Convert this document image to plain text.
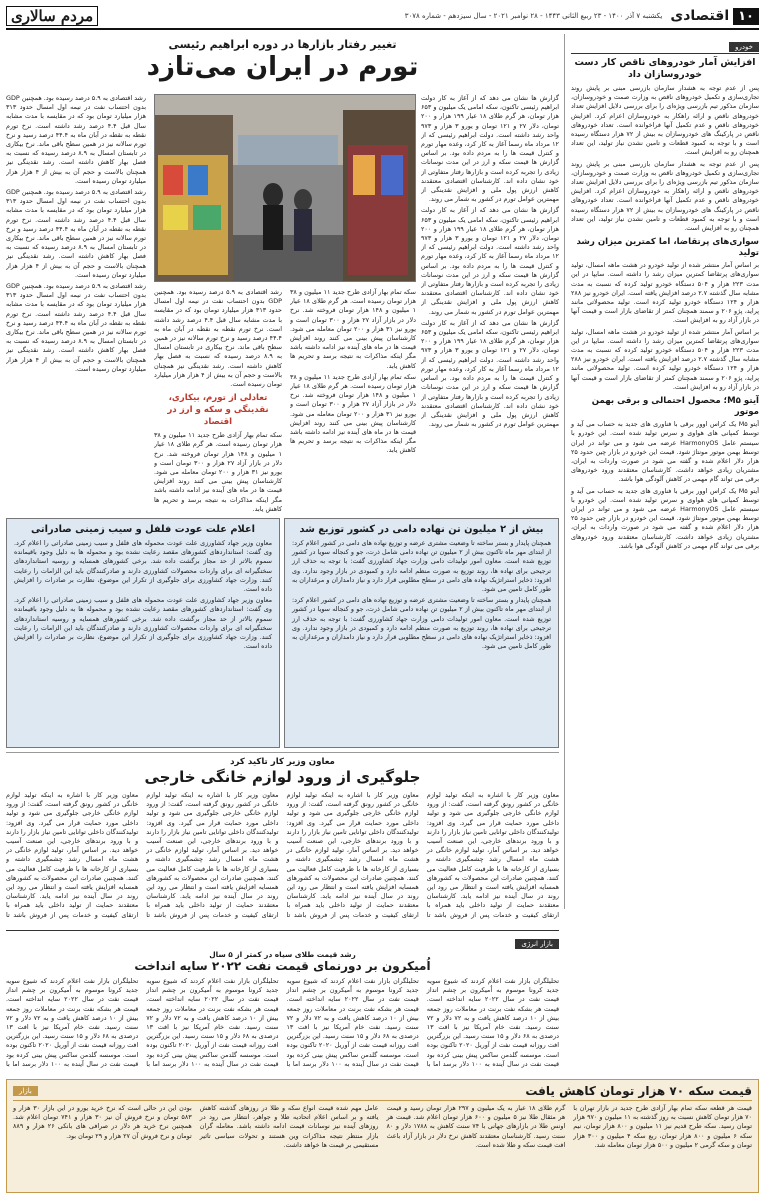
۱۰
اقتصادی
یکشنبه ۷ آذر ۱۴۰۰ - ۲۳ ربیع الثانی ۱۴۴۳ - ۲۸ نوامبر ۲۰۲۱ - سال سیزدهم - شماره ۳۰۷۸
مردم سالاری
خودرو
افزایش آمار خودروهای ناقص کار دست خودروسازان داد
پس از عدم توجه به هشدار سازمان بازرسی مبنی بر پایش روند تجاری‌سازی و تکمیل خودروهای ناقص به وزارت صمت و خودروسازان، سازمان مذکور تیم بازرسی ویژه‌ای را برای بررسی دلایل افزایش تعداد خودروهای ناقص و ارائه راهکار به خودروسازان اعزام کرد. افزایش خودروهای ناقص و عدم تکمیل آنها فراخوانده است. تعداد خودروهای ناقص در پارکینگ های خودروسازان به بیش از ۷۲ هزار دستگاه رسیده است و با توجه به کمبود قطعات و تامین نشدن نیاز تولید، این تعداد همچنان رو به افزایش است.
پس از عدم توجه به هشدار سازمان بازرسی مبنی بر پایش روند تجاری‌سازی و تکمیل خودروهای ناقص به وزارت صمت و خودروسازان، سازمان مذکور تیم بازرسی ویژه‌ای را برای بررسی دلایل افزایش تعداد خودروهای ناقص و ارائه راهکار به خودروسازان اعزام کرد. افزایش خودروهای ناقص و عدم تکمیل آنها فراخوانده است. تعداد خودروهای ناقص در پارکینگ های خودروسازان به بیش از ۷۲ هزار دستگاه رسیده است و با توجه به کمبود قطعات و تامین نشدن نیاز تولید، این تعداد همچنان رو به افزایش است.
سواری‌های پرتقاضا، اما کمترین میزان رشد تولید
بر اساس آمار منتشر شده از تولید خودرو در هشت ماهه امسال، تولید سواری‌های پرتقاضا کمترین میزان رشد را داشته است. سایپا در این مدت ۲۲۳ هزار و ۵۰۴ دستگاه خودرو تولید کرده که نسبت به مدت مشابه سال گذشته ۲.۷ درصد افزایش یافته است. ایران خودرو نیز ۲۸۸ هزار و ۱۲۴ دستگاه خودرو تولید کرده است. تولید محصولاتی مانند پراید، پژو ۲۰۶ و سمند همچنان کمتر از تقاضای بازار است و قیمت آنها در بازار آزاد رو به افزایش است.
بر اساس آمار منتشر شده از تولید خودرو در هشت ماهه امسال، تولید سواری‌های پرتقاضا کمترین میزان رشد را داشته است. سایپا در این مدت ۲۲۳ هزار و ۵۰۴ دستگاه خودرو تولید کرده که نسبت به مدت مشابه سال گذشته ۲.۷ درصد افزایش یافته است. ایران خودرو نیز ۲۸۸ هزار و ۱۲۴ دستگاه خودرو تولید کرده است. تولید محصولاتی مانند پراید، پژو ۲۰۶ و سمند همچنان کمتر از تقاضای بازار است و قیمت آنها در بازار آزاد رو به افزایش است.
آیتو M۵؛ محصول احتمالی و برقی بهمن موتور
آیتو M۵ یک کراس اوور برقی با فناوری های جدید به حساب می آید و توسط کمپانی های هواوی و سرس تولید شده است. این خودرو با سیستم عامل HarmonyOS عرضه می شود و می تواند در ایران توسط بهمن موتور مونتاژ شود. قیمت این خودرو در بازار چین حدود ۲۵ هزار دلار اعلام شده و گفته می شود در صورت واردات به ایران، مشتریان زیادی خواهد داشت. کارشناسان معتقدند ورود خودروهای برقی می تواند گام مهمی در کاهش آلودگی هوا باشد.
آیتو M۵ یک کراس اوور برقی با فناوری های جدید به حساب می آید و توسط کمپانی های هواوی و سرس تولید شده است. این خودرو با سیستم عامل HarmonyOS عرضه می شود و می تواند در ایران توسط بهمن موتور مونتاژ شود. قیمت این خودرو در بازار چین حدود ۲۵ هزار دلار اعلام شده و گفته می شود در صورت واردات به ایران، مشتریان زیادی خواهد داشت. کارشناسان معتقدند ورود خودروهای برقی می تواند گام مهمی در کاهش آلودگی هوا باشد.
تغییر رفتار بازارها در دوره ابراهیم رئیسی
تورم در ایران می‌تازد

گزارش ها نشان می دهد که از آغاز به کار دولت ابراهیم رئیسی تاکنون، سکه امامی یک میلیون و ۶۵۳ هزار تومان، هر گرم طلای ۱۸ عیار ۱۹۹ هزار و ۲۰۰ تومان، دلار ۲۷ و ۱۲۱ تومان و یورو ۳ هزار و ۹۷۳ واحد رشد داشته است. دولت ابراهیم رئیسی که از ۱۲ مرداد ماه رسما آغاز به کار کرد، وعده مهار تورم و کنترل قیمت ها را به مردم داده بود. بر اساس گزارش ها قیمت سکه و ارز در این مدت نوسانات زیادی را تجربه کرده است و بازارها رفتار متفاوتی از خود نشان داده اند. کارشناسان اقتصادی معتقدند کاهش ارزش پول ملی و افزایش نقدینگی از مهمترین عوامل تورم در کشور به شمار می روند.

گزارش ها نشان می دهد که از آغاز به کار دولت ابراهیم رئیسی تاکنون، سکه امامی یک میلیون و ۶۵۳ هزار تومان، هر گرم طلای ۱۸ عیار ۱۹۹ هزار و ۲۰۰ تومان، دلار ۲۷ و ۱۲۱ تومان و یورو ۳ هزار و ۹۷۳ واحد رشد داشته است. دولت ابراهیم رئیسی که از ۱۲ مرداد ماه رسما آغاز به کار کرد، وعده مهار تورم و کنترل قیمت ها را به مردم داده بود. بر اساس گزارش ها قیمت سکه و ارز در این مدت نوسانات زیادی را تجربه کرده است و بازارها رفتار متفاوتی از خود نشان داده اند. کارشناسان اقتصادی معتقدند کاهش ارزش پول ملی و افزایش نقدینگی از مهمترین عوامل تورم در کشور به شمار می روند.

گزارش ها نشان می دهد که از آغاز به کار دولت ابراهیم رئیسی تاکنون، سکه امامی یک میلیون و ۶۵۳ هزار تومان، هر گرم طلای ۱۸ عیار ۱۹۹ هزار و ۲۰۰ تومان، دلار ۲۷ و ۱۲۱ تومان و یورو ۳ هزار و ۹۷۳ واحد رشد داشته است. دولت ابراهیم رئیسی که از ۱۲ مرداد ماه رسما آغاز به کار کرد، وعده مهار تورم و کنترل قیمت ها را به مردم داده بود. بر اساس گزارش ها قیمت سکه و ارز در این مدت نوسانات زیادی را تجربه کرده است و بازارها رفتار متفاوتی از خود نشان داده اند. کارشناسان اقتصادی معتقدند کاهش ارزش پول ملی و افزایش نقدینگی از مهمترین عوامل تورم در کشور به شمار می روند.

رشد اقتصادی به ۵.۹ درصد رسیده بود. همچنین GDP بدون احتساب نفت در نیمه اول امسال حدود ۳۱۳ هزار میلیارد تومان بود که در مقایسه با مدت مشابه سال قبل ۴.۴ درصد رشد داشته است. نرخ تورم نقطه به نقطه در آبان ماه به ۴۴.۴ درصد رسید و نرخ تورم سالانه نیز در همین سطح باقی ماند. نرخ بیکاری در تابستان امسال به ۸.۹ درصد رسیده که نسبت به فصل بهار کاهش داشته است. رشد نقدینگی نیز همچنان بالاست و حجم آن به بیش از ۴ هزار هزار میلیارد تومان رسیده است.

رشد اقتصادی به ۵.۹ درصد رسیده بود. همچنین GDP بدون احتساب نفت در نیمه اول امسال حدود ۳۱۳ هزار میلیارد تومان بود که در مقایسه با مدت مشابه سال قبل ۴.۴ درصد رشد داشته است. نرخ تورم نقطه به نقطه در آبان ماه به ۴۴.۴ درصد رسید و نرخ تورم سالانه نیز در همین سطح باقی ماند. نرخ بیکاری در تابستان امسال به ۸.۹ درصد رسیده که نسبت به فصل بهار کاهش داشته است. رشد نقدینگی نیز همچنان بالاست و حجم آن به بیش از ۴ هزار هزار میلیارد تومان رسیده است.

رشد اقتصادی به ۵.۹ درصد رسیده بود. همچنین GDP بدون احتساب نفت در نیمه اول امسال حدود ۳۱۳ هزار میلیارد تومان بود که در مقایسه با مدت مشابه سال قبل ۴.۴ درصد رشد داشته است. نرخ تورم نقطه به نقطه در آبان ماه به ۴۴.۴ درصد رسید و نرخ تورم سالانه نیز در همین سطح باقی ماند. نرخ بیکاری در تابستان امسال به ۸.۹ درصد رسیده که نسبت به فصل بهار کاهش داشته است. رشد نقدینگی نیز همچنان بالاست و حجم آن به بیش از ۴ هزار هزار میلیارد تومان رسیده است.

سکه تمام بهار آزادی طرح جدید ۱۱ میلیون و ۳۸ هزار تومان رسیده است. هر گرم طلای ۱۸ عیار ۱ میلیون و ۱۴۸ هزار تومان فروخته شد. نرخ دلار در بازار آزاد ۲۷ هزار و ۳۰۰ تومان است و یورو نیز ۳۱ هزار و ۲۰۰ تومان معامله می شود. کارشناسان پیش بینی می کنند روند افزایش قیمت ها در ماه های آینده نیز ادامه داشته باشد مگر اینکه مذاکرات به نتیجه برسد و تحریم ها کاهش یابد.

سکه تمام بهار آزادی طرح جدید ۱۱ میلیون و ۳۸ هزار تومان رسیده است. هر گرم طلای ۱۸ عیار ۱ میلیون و ۱۴۸ هزار تومان فروخته شد. نرخ دلار در بازار آزاد ۲۷ هزار و ۳۰۰ تومان است و یورو نیز ۳۱ هزار و ۲۰۰ تومان معامله می شود. کارشناسان پیش بینی می کنند روند افزایش قیمت ها در ماه های آینده نیز ادامه داشته باشد مگر اینکه مذاکرات به نتیجه برسد و تحریم ها کاهش یابد.

رشد اقتصادی به ۵.۹ درصد رسیده بود. همچنین GDP بدون احتساب نفت در نیمه اول امسال حدود ۳۱۳ هزار میلیارد تومان بود که در مقایسه با مدت مشابه سال قبل ۴.۴ درصد رشد داشته است. نرخ تورم نقطه به نقطه در آبان ماه به ۴۴.۴ درصد رسید و نرخ تورم سالانه نیز در همین سطح باقی ماند. نرخ بیکاری در تابستان امسال به ۸.۹ درصد رسیده که نسبت به فصل بهار کاهش داشته است. رشد نقدینگی نیز همچنان بالاست و حجم آن به بیش از ۴ هزار هزار میلیارد تومان رسیده است.

تعادلی از تورم، بیکاری، نقدینگی و سکه و ارز در اقتصاد

سکه تمام بهار آزادی طرح جدید ۱۱ میلیون و ۳۸ هزار تومان رسیده است. هر گرم طلای ۱۸ عیار ۱ میلیون و ۱۴۸ هزار تومان فروخته شد. نرخ دلار در بازار آزاد ۲۷ هزار و ۳۰۰ تومان است و یورو نیز ۳۱ هزار و ۲۰۰ تومان معامله می شود. کارشناسان پیش بینی می کنند روند افزایش قیمت ها در ماه های آینده نیز ادامه داشته باشد مگر اینکه مذاکرات به نتیجه برسد و تحریم ها کاهش یابد.

بیش از ۲ میلیون تن نهاده دامی در کشور توزیع شد
همچنان پایدار و بستر ساخته تا وضعیت مشتری عرضه و توزیع نهاده های دامی در کشور اعلام کرد: از ابتدای مهر ماه تاکنون بیش از ۲ میلیون تن نهاده دامی شامل ذرت، جو و کنجاله سویا در کشور توزیع شده است. معاون امور تولیدات دامی وزارت جهاد کشاورزی گفت: با توجه به حذف ارز ترجیحی برای نهاده ها، روند توزیع به صورت منظم ادامه دارد و کمبودی در بازار وجود ندارد. وی افزود: ذخایر استراتژیک نهاده های دامی در سطح مطلوبی قرار دارد و نیاز دامداران و مرغداران به طور کامل تامین می شود.
همچنان پایدار و بستر ساخته تا وضعیت مشتری عرضه و توزیع نهاده های دامی در کشور اعلام کرد: از ابتدای مهر ماه تاکنون بیش از ۲ میلیون تن نهاده دامی شامل ذرت، جو و کنجاله سویا در کشور توزیع شده است. معاون امور تولیدات دامی وزارت جهاد کشاورزی گفت: با توجه به حذف ارز ترجیحی برای نهاده ها، روند توزیع به صورت منظم ادامه دارد و کمبودی در بازار وجود ندارد. وی افزود: ذخایر استراتژیک نهاده های دامی در سطح مطلوبی قرار دارد و نیاز دامداران و مرغداران به طور کامل تامین می شود.
اعلام علت عودت فلفل و سیب زمینی صادراتی
معاون وزیر جهاد کشاورزی علت عودت محموله های فلفل و سیب زمینی صادراتی را اعلام کرد. وی گفت: استانداردهای کشورهای مقصد رعایت نشده بود و محموله ها به دلیل وجود باقیمانده سموم بالاتر از حد مجاز برگشت داده شد. برخی کشورهای همسایه و روسیه استانداردهای سختگیرانه ای برای واردات محصولات کشاورزی دارند و صادرکنندگان باید این الزامات را رعایت کنند. وزارت جهاد کشاورزی برای جلوگیری از تکرار این موضوع، نظارت بر صادرات را افزایش داده است.
معاون وزیر جهاد کشاورزی علت عودت محموله های فلفل و سیب زمینی صادراتی را اعلام کرد. وی گفت: استانداردهای کشورهای مقصد رعایت نشده بود و محموله ها به دلیل وجود باقیمانده سموم بالاتر از حد مجاز برگشت داده شد. برخی کشورهای همسایه و روسیه استانداردهای سختگیرانه ای برای واردات محصولات کشاورزی دارند و صادرکنندگان باید این الزامات را رعایت کنند. وزارت جهاد کشاورزی برای جلوگیری از تکرار این موضوع، نظارت بر صادرات را افزایش داده است.
معاون وزیر کار تاکید کرد
جلوگیری از ورود لوازم خانگی خارجی
معاون وزیر کار با اشاره به اینکه تولید لوازم خانگی در کشور رونق گرفته است، گفت: از ورود لوازم خانگی خارجی جلوگیری می شود و تولید داخلی مورد حمایت قرار می گیرد. وی افزود: تولیدکنندگان داخلی توانایی تامین نیاز بازار را دارند و با ورود برندهای خارجی، این صنعت آسیب خواهد دید. بر اساس آمار، تولید لوازم خانگی در هشت ماه امسال رشد چشمگیری داشته و بسیاری از کارخانه ها با ظرفیت کامل فعالیت می کنند. همچنین صادرات این محصولات به کشورهای همسایه افزایش یافته است و انتظار می رود این روند در سال آینده نیز ادامه یابد. کارشناسان معتقدند حمایت از تولید داخلی باید همراه با ارتقای کیفیت و خدمات پس از فروش باشد تا
معاون وزیر کار با اشاره به اینکه تولید لوازم خانگی در کشور رونق گرفته است، گفت: از ورود لوازم خانگی خارجی جلوگیری می شود و تولید داخلی مورد حمایت قرار می گیرد. وی افزود: تولیدکنندگان داخلی توانایی تامین نیاز بازار را دارند و با ورود برندهای خارجی، این صنعت آسیب خواهد دید. بر اساس آمار، تولید لوازم خانگی در هشت ماه امسال رشد چشمگیری داشته و بسیاری از کارخانه ها با ظرفیت کامل فعالیت می کنند. همچنین صادرات این محصولات به کشورهای همسایه افزایش یافته است و انتظار می رود این روند در سال آینده نیز ادامه یابد. کارشناسان معتقدند حمایت از تولید داخلی باید همراه با ارتقای کیفیت و خدمات پس از فروش باشد تا
معاون وزیر کار با اشاره به اینکه تولید لوازم خانگی در کشور رونق گرفته است، گفت: از ورود لوازم خانگی خارجی جلوگیری می شود و تولید داخلی مورد حمایت قرار می گیرد. وی افزود: تولیدکنندگان داخلی توانایی تامین نیاز بازار را دارند و با ورود برندهای خارجی، این صنعت آسیب خواهد دید. بر اساس آمار، تولید لوازم خانگی در هشت ماه امسال رشد چشمگیری داشته و بسیاری از کارخانه ها با ظرفیت کامل فعالیت می کنند. همچنین صادرات این محصولات به کشورهای همسایه افزایش یافته است و انتظار می رود این روند در سال آینده نیز ادامه یابد. کارشناسان معتقدند حمایت از تولید داخلی باید همراه با ارتقای کیفیت و خدمات پس از فروش باشد تا
معاون وزیر کار با اشاره به اینکه تولید لوازم خانگی در کشور رونق گرفته است، گفت: از ورود لوازم خانگی خارجی جلوگیری می شود و تولید داخلی مورد حمایت قرار می گیرد. وی افزود: تولیدکنندگان داخلی توانایی تامین نیاز بازار را دارند و با ورود برندهای خارجی، این صنعت آسیب خواهد دید. بر اساس آمار، تولید لوازم خانگی در هشت ماه امسال رشد چشمگیری داشته و بسیاری از کارخانه ها با ظرفیت کامل فعالیت می کنند. همچنین صادرات این محصولات به کشورهای همسایه افزایش یافته است و انتظار می رود این روند در سال آینده نیز ادامه یابد. کارشناسان معتقدند حمایت از تولید داخلی باید همراه با ارتقای کیفیت و خدمات پس از فروش باشد تا
بازار انرژی
رشد قیمت طلای سیاه در کمتر از ۵ سال
اُمیکرون بر دورنمای قیمت نفت ۲۰۲۲ سایه انداخت
تحلیلگران بازار نفت اعلام کردند که شیوع سویه جدید کرونا موسوم به اُمیکرون بر چشم انداز قیمت نفت در سال ۲۰۲۲ سایه انداخته است. قیمت هر بشکه نفت برنت در معاملات روز جمعه بیش از ۱۰ درصد کاهش یافت و به ۷۲ دلار و ۷۲ سنت رسید. نفت خام آمریکا نیز با افت ۱۳ درصدی به ۶۸ دلار و ۱۵ سنت رسید. این بزرگترین افت روزانه قیمت نفت از آوریل ۲۰۲۰ تاکنون بوده است. موسسه گلدمن ساکس پیش بینی کرده بود قیمت نفت در سال آینده به ۱۰۰ دلار برسد اما با
تحلیلگران بازار نفت اعلام کردند که شیوع سویه جدید کرونا موسوم به اُمیکرون بر چشم انداز قیمت نفت در سال ۲۰۲۲ سایه انداخته است. قیمت هر بشکه نفت برنت در معاملات روز جمعه بیش از ۱۰ درصد کاهش یافت و به ۷۲ دلار و ۷۲ سنت رسید. نفت خام آمریکا نیز با افت ۱۳ درصدی به ۶۸ دلار و ۱۵ سنت رسید. این بزرگترین افت روزانه قیمت نفت از آوریل ۲۰۲۰ تاکنون بوده است. موسسه گلدمن ساکس پیش بینی کرده بود قیمت نفت در سال آینده به ۱۰۰ دلار برسد اما با
تحلیلگران بازار نفت اعلام کردند که شیوع سویه جدید کرونا موسوم به اُمیکرون بر چشم انداز قیمت نفت در سال ۲۰۲۲ سایه انداخته است. قیمت هر بشکه نفت برنت در معاملات روز جمعه بیش از ۱۰ درصد کاهش یافت و به ۷۲ دلار و ۷۲ سنت رسید. نفت خام آمریکا نیز با افت ۱۳ درصدی به ۶۸ دلار و ۱۵ سنت رسید. این بزرگترین افت روزانه قیمت نفت از آوریل ۲۰۲۰ تاکنون بوده است. موسسه گلدمن ساکس پیش بینی کرده بود قیمت نفت در سال آینده به ۱۰۰ دلار برسد اما با
تحلیلگران بازار نفت اعلام کردند که شیوع سویه جدید کرونا موسوم به اُمیکرون بر چشم انداز قیمت نفت در سال ۲۰۲۲ سایه انداخته است. قیمت هر بشکه نفت برنت در معاملات روز جمعه بیش از ۱۰ درصد کاهش یافت و به ۷۲ دلار و ۷۲ سنت رسید. نفت خام آمریکا نیز با افت ۱۳ درصدی به ۶۸ دلار و ۱۵ سنت رسید. این بزرگترین افت روزانه قیمت نفت از آوریل ۲۰۲۰ تاکنون بوده است. موسسه گلدمن ساکس پیش بینی کرده بود قیمت نفت در سال آینده به ۱۰۰ دلار برسد اما با
قیمت سکه ۷۰ هزار تومان کاهش یافت
بازار
قیمت هر قطعه سکه تمام بهار آزادی طرح جدید در بازار تهران با ۷۰ هزار تومان کاهش نسبت به روز گذشته به ۱۱ میلیون و ۹۷۰ هزار تومان رسید. سکه طرح قدیم نیز ۱۱ میلیون و ۸۰۰ هزار تومان، نیم سکه ۶ میلیون و ۸۰۰ هزار تومان، ربع سکه ۴ میلیون و ۳۰۰ هزار تومان و سکه گرمی ۲ میلیون و ۵۰۰ هزار تومان معامله شد.
گرم طلای ۱۸ عیار به یک میلیون و ۲۹۷ هزار تومان رسید و قیمت هر مثقال طلا نیز ۵ میلیون و ۶۰۰ هزار تومان اعلام شد. قیمت هر اونس طلا در بازارهای جهانی با ۷۴ سنت کاهش به ۱۷۸۸ دلار و ۸۰ سنت رسید. کارشناسان معتقدند کاهش نرخ دلار در بازار آزاد باعث افت قیمت سکه و طلا شده است.
عامل مهم شده قیمت انواع سکه و طلا در روزهای گذشته کاهش یافته و بر اساس اعلام اتحادیه طلا و جواهر، انتظار می رود در روزهای آینده نیز نوسانات قیمت ادامه داشته باشد. معامله گران بازار منتظر نتیجه مذاکرات وین هستند و تحولات سیاسی تاثیر مستقیمی بر قیمت ها خواهد داشت.
بودن این در حالی است که نرخ خرید یورو در این بازار ۳۰ هزار و ۵۸۳ تومان و نرخ فروش آن نیز ۳۰ هزار و ۷۴۱ تومان اعلام شد. همچنین نرخ خرید هر دلار در صرافی های بانکی ۲۶ هزار و ۸۸۹ تومان و نرخ فروش آن ۲۷ هزار و ۲۹ تومان بود.
